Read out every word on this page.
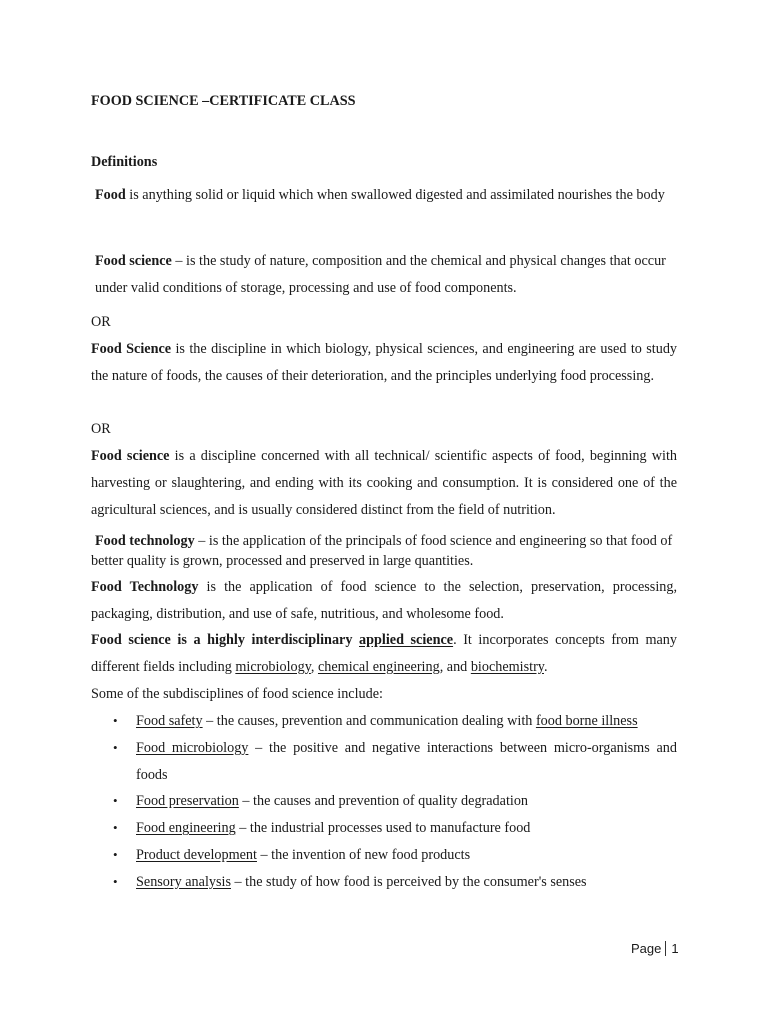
FOOD SCIENCE –CERTIFICATE CLASS
Definitions
Food is anything solid or liquid which when swallowed digested and assimilated nourishes the body
Food science – is the study of nature, composition and the chemical and physical changes that occur under valid conditions of storage, processing and use of food components.
OR
Food Science is the discipline in which biology, physical sciences, and engineering are used to study the nature of foods, the causes of their deterioration, and the principles underlying food processing.
OR
Food science is a discipline concerned with all technical/ scientific aspects of food, beginning with harvesting or slaughtering, and ending with its cooking and consumption. It is considered one of the agricultural sciences, and is usually considered distinct from the field of nutrition.
Food technology – is the application of the principals of food science and engineering so that food of better quality is grown, processed and preserved in large quantities.
Food Technology is the application of food science to the selection, preservation, processing, packaging, distribution, and use of safe, nutritious, and wholesome food.
Food science is a highly interdisciplinary applied science. It incorporates concepts from many different fields including microbiology, chemical engineering, and biochemistry.
Some of the subdisciplines of food science include:
• Food safety – the causes, prevention and communication dealing with food borne illness
• Food microbiology – the positive and negative interactions between micro-organisms and foods
• Food preservation – the causes and prevention of quality degradation
• Food engineering – the industrial processes used to manufacture food
• Product development – the invention of new food products
• Sensory analysis – the study of how food is perceived by the consumer's senses
Page 1
